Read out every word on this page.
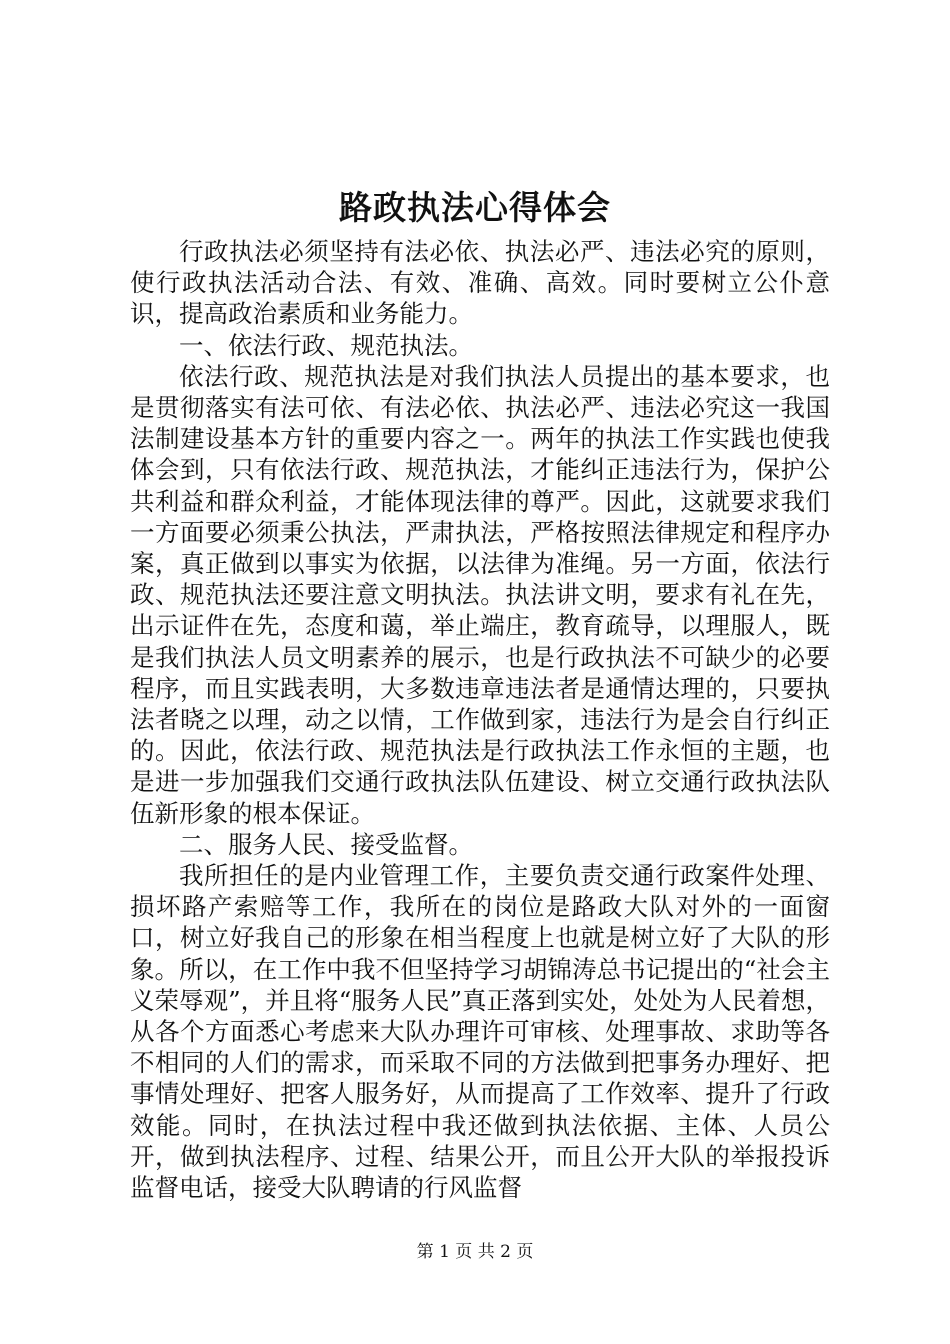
路政执法心得体会

行政执法必须坚持有法必依、执法必严、违法必究的原则，使行政执法活动合法、有效、准确、高效。同时要树立公仆意识，提高政治素质和业务能力。

一、依法行政、规范执法。

依法行政、规范执法是对我们执法人员提出的基本要求，也是贯彻落实有法可依、有法必依、执法必严、违法必究这一我国法制建设基本方针的重要内容之一。两年的执法工作实践也使我体会到，只有依法行政、规范执法，才能纠正违法行为，保护公共利益和群众利益，才能体现法律的尊严。因此，这就要求我们一方面要必须秉公执法，严肃执法，严格按照法律规定和程序办案，真正做到以事实为依据，以法律为准绳。另一方面，依法行政、规范执法还要注意文明执法。执法讲文明，要求有礼在先，出示证件在先，态度和蔼，举止端庄，教育疏导，以理服人，既是我们执法人员文明素养的展示，也是行政执法不可缺少的必要程序，而且实践表明，大多数违章违法者是通情达理的，只要执法者晓之以理，动之以情，工作做到家，违法行为是会自行纠正的。因此，依法行政、规范执法是行政执法工作永恒的主题，也是进一步加强我们交通行政执法队伍建设、树立交通行政执法队伍新形象的根本保证。

二、服务人民、接受监督。

我所担任的是内业管理工作，主要负责交通行政案件处理、损坏路产索赔等工作，我所在的岗位是路政大队对外的一面窗口，树立好我自己的形象在相当程度上也就是树立好了大队的形象。所以，在工作中我不但坚持学习胡锦涛总书记提出的“社会主义荣辱观”，并且将“服务人民”真正落到实处，处处为人民着想，从各个方面悉心考虑来大队办理许可审核、处理事故、求助等各不相同的人们的需求，而采取不同的方法做到把事务办理好、把事情处理好、把客人服务好，从而提高了工作效率、提升了行政效能。同时，在执法过程中我还做到执法依据、主体、人员公开，做到执法程序、过程、结果公开，而且公开大队的举报投诉监督电话，接受大队聘请的行风监督

第 1 页 共 2 页
